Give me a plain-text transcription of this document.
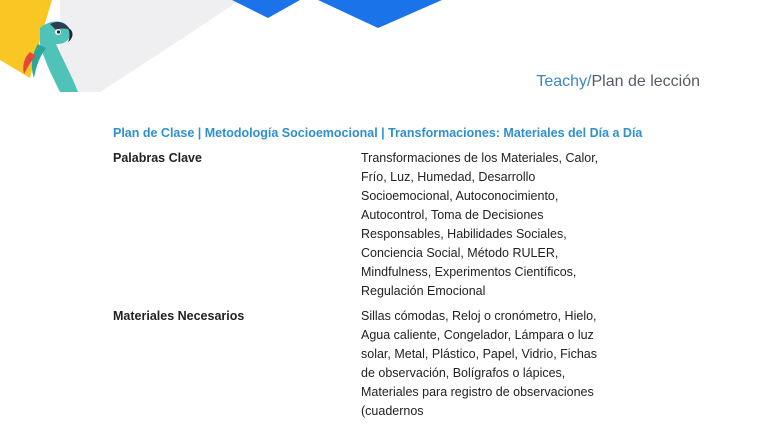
Teachy/Plan de lección
Plan de Clase | Metodología Socioemocional | Transformaciones: Materiales del Día a Día
Palabras Clave	Transformaciones de los Materiales, Calor, Frío, Luz, Humedad, Desarrollo Socioemocional, Autoconocimiento, Autocontrol, Toma de Decisiones Responsables, Habilidades Sociales, Conciencia Social, Método RULER, Mindfulness, Experimentos Científicos, Regulación Emocional
Materiales Necesarios	Sillas cómodas, Reloj o cronómetro, Hielo, Agua caliente, Congelador, Lámpara o luz solar, Metal, Plástico, Papel, Vidrio, Fichas de observación, Bolígrafos o lápices, Materiales para registro de observaciones (cuadernos
